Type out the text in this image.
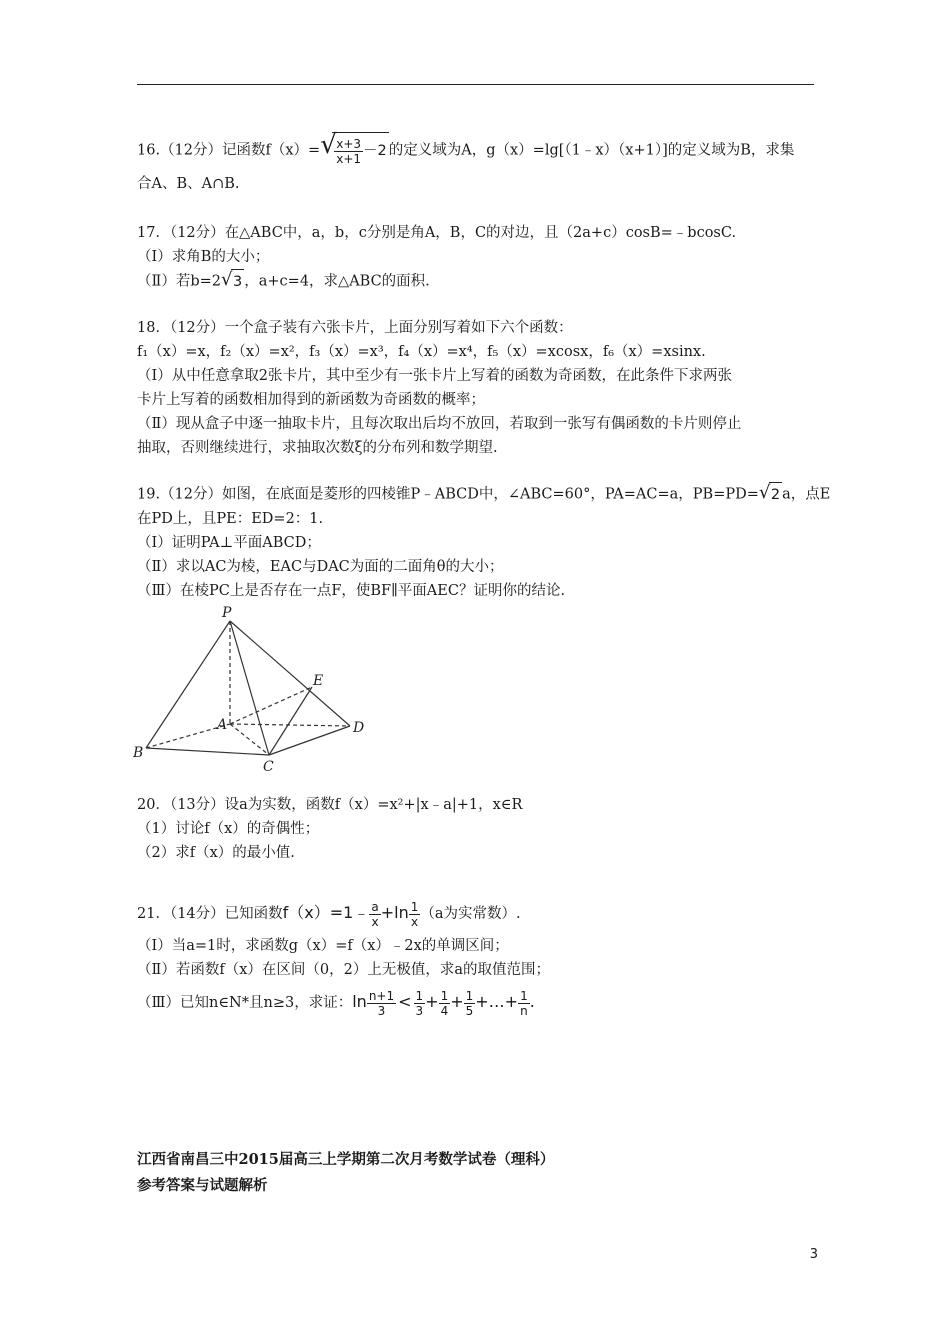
16.（12分）记函数f（x）= √
$\frac{x+3}{x+1} -2$ 的定义域为A，g（x）=lg[（1﹣x）（x+1）]的定义域为B，求集
合A、B、A∩B.
17．（12分）在△ABC中，a，b，c分别是角A，B，C的对边，且（2a+c）cosB=﹣bcosC.
（Ⅰ）求角B的大小；
（Ⅱ）若b=2 √ 3 ，a+c=4，求△ABC的面积.
18．（12分）一个盒子装有六张卡片，上面分别写着如下六个函数：
f₁（x）=x，f₂（x）=x²，f₃（x）=x³，f₄（x）=x⁴，f₅（x）=xcosx，f₆（x）=xsinx.
（Ⅰ）从中任意拿取2张卡片，其中至少有一张卡片上写着的函数为奇函数，在此条件下求两张
卡片上写着的函数相加得到的新函数为奇函数的概率；
（Ⅱ）现从盒子中逐一抽取卡片，且每次取出后均不放回，若取到一张写有偶函数的卡片则停止
抽取，否则继续进行，求抽取次数ξ的分布列和数学期望.
19.（12分）如图，在底面是菱形的四棱锥P﹣ABCD中，∠ABC=60°，PA=AC=a，PB=PD= √ 2 a，点E
在PD上，且PE：ED=2：1.
（Ⅰ）证明PA⊥平面ABCD；
（Ⅱ）求以AC为棱，EAC与DAC为面的二面角θ的大小；
（Ⅲ）在棱PC上是否存在一点F，使BF∥平面AEC？证明你的结论.
P
A
B
C
D
E
20．（13分）设a为实数，函数f（x）=x²+|x﹣a|+1，x∈R
（1）讨论f（x）的奇偶性；
（2）求f（x）的最小值.
21．（14分）已知函数f（x）=1﹣ $\frac{a}{x} +\ln \frac{1}{x} (a$为实常数）.
（Ⅰ）当a=1时，求函数g（x）=f（x）﹣2x的单调区间；
（Ⅱ）若函数f（x）在区间（0，2）上无极值，求a的取值范围；
（Ⅲ）已知n∈N*且n≥3，求证：$\ln \frac{n+1}{3} < \frac{1}{3} + \frac{1}{4} + \frac{1}{5}$ +…+ $\frac{1}{n}$ .
江西省南昌三中2015届高三上学期第二次月考数学试卷（理科）
参考答案与试题解析
3
